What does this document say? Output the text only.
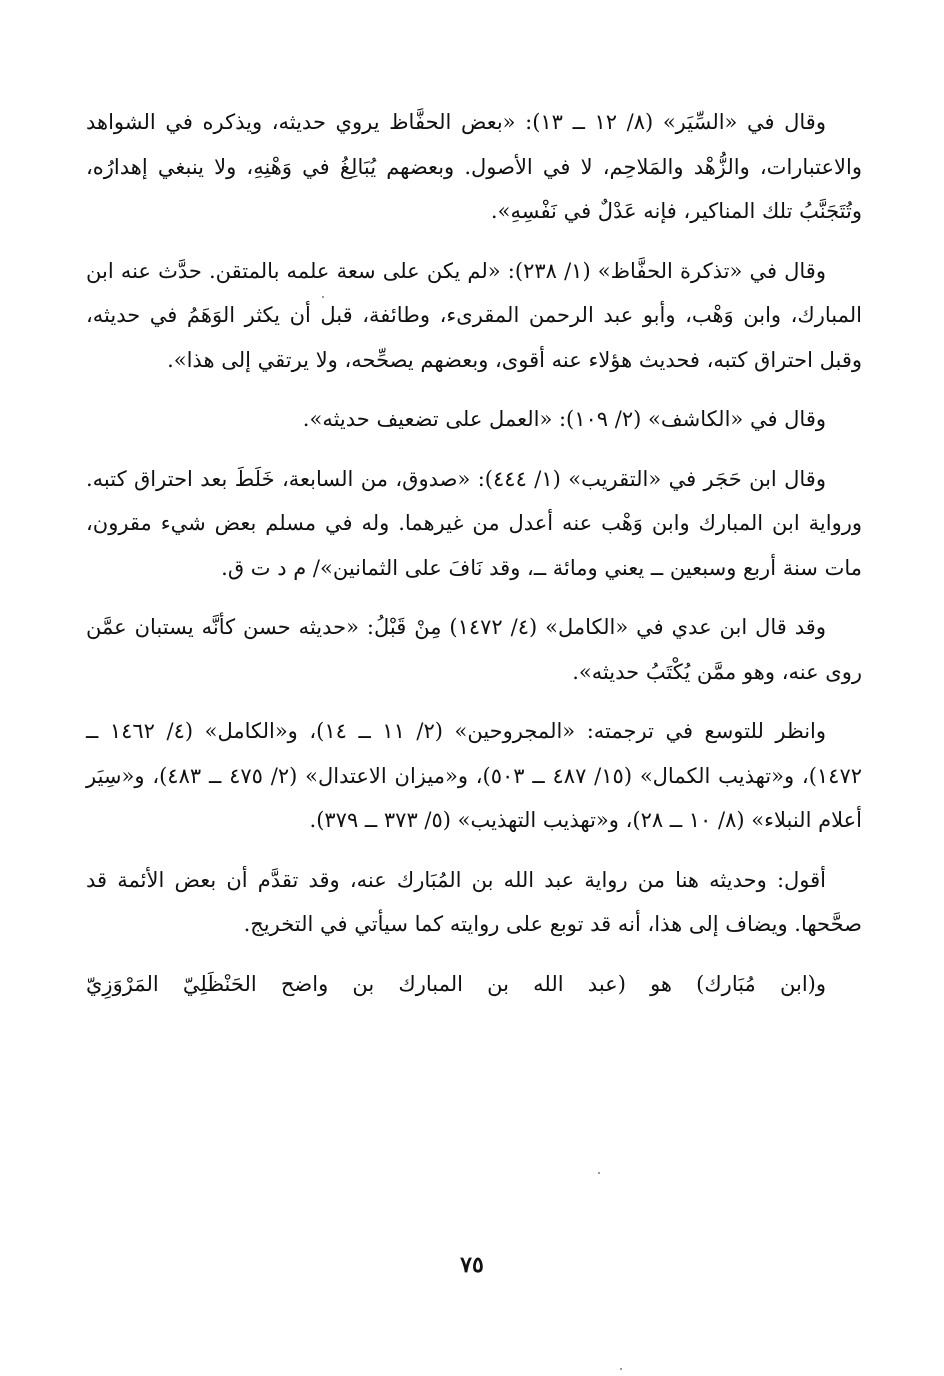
وقال في «السِّيَر» (٨/ ١٢ ــ ١٣): «بعض الحفَّاظ يروي حديثه، ويذكره في الشواهد والاعتبارات، والزُّهْد والمَلاحِم، لا في الأصول. وبعضهم يُبَالِغُ في وَهْنِهِ، ولا ينبغي إهدارُه، وتُتَجَنَّبُ تلك المناكير، فإنه عَدْلٌ في نَفْسِهِ».

وقال في «تذكرة الحفَّاظ» (١/ ٢٣٨): «لم يكن على سعة علمه بالمتقن. حدَّث عنه ابن المبارك، وابن وَهْب، وأبو عبد الرحمن المقرىء، وطائفة، قبل أن يكثر الوَهَمُ في حديثه، وقبل احتراق كتبه، فحديث هؤلاء عنه أقوى، وبعضهم يصحِّحه، ولا يرتقي إلى هذا».

وقال في «الكاشف» (٢/ ١٠٩): «العمل على تضعيف حديثه».

وقال ابن حَجَر في «التقريب» (١/ ٤٤٤): «صدوق، من السابعة، خَلَطَ بعد احتراق كتبه. ورواية ابن المبارك وابن وَهْب عنه أعدل من غيرهما. وله في مسلم بعض شيء مقرون، مات سنة أربع وسبعين ــ يعني ومائة ــ، وقد نَافَ على الثمانين»/ م د ت ق.

وقد قال ابن عدي في «الكامل» (٤/ ١٤٧٢) مِنْ قَبْلُ: «حديثه حسن كأنَّه يستبان عمَّن روى عنه، وهو ممَّن يُكْتَبُ حديثه».

وانظر للتوسع في ترجمته: «المجروحين» (٢/ ١١ ــ ١٤)، و«الكامل» (٤/ ١٤٦٢ ــ ١٤٧٢)، و«تهذيب الكمال» (١٥/ ٤٨٧ ــ ٥٠٣)، و«ميزان الاعتدال» (٢/ ٤٧٥ ــ ٤٨٣)، و«سِيَر أعلام النبلاء» (٨/ ١٠ ــ ٢٨)، و«تهذيب التهذيب» (٥/ ٣٧٣ ــ ٣٧٩).

أقول: وحديثه هنا من رواية عبد الله بن المُبَارك عنه، وقد تقدَّم أن بعض الأئمة قد صحَّحها. ويضاف إلى هذا، أنه قد توبع على روايته كما سيأتي في التخريج.

و(ابن مُبَارك) هو (عبد الله بن المبارك بن واضح الحَنْظَلِيّ المَرْوَزِيّ

٧٥
